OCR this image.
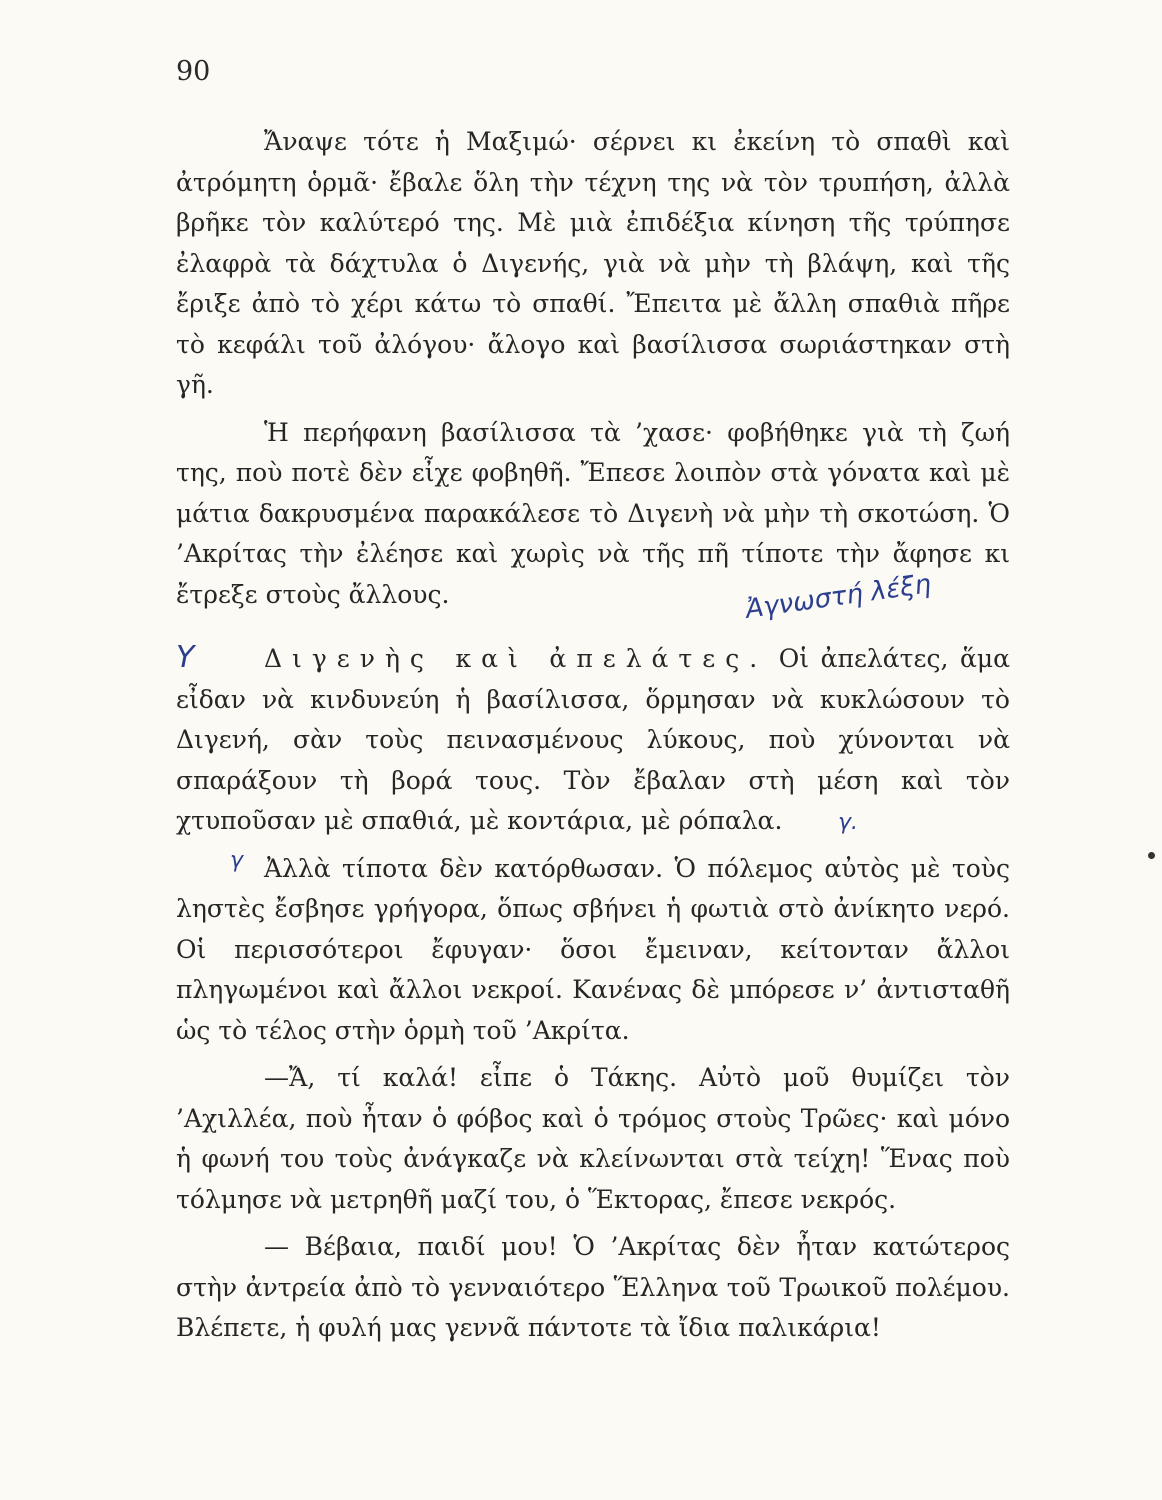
90

Ἄναψε τότε ἡ Μαξιμώ· σέρνει κι ἐκείνη τὸ σπαθὶ καὶ ἀτρόμητη ὁρμᾶ· ἔβαλε ὅλη τὴν τέχνη της νὰ τὸν τρυπήση, ἀλλὰ βρῆκε τὸν καλύτερό της. Μὲ μιὰ ἐπιδέξια κίνηση τῆς τρύπησε ἐλαφρὰ τὰ δάχτυλα ὁ Διγενής, γιὰ νὰ μὴν τὴ βλάψη, καὶ τῆς ἔριξε ἀπὸ τὸ χέρι κάτω τὸ σπαθί. Ἔπειτα μὲ ἄλλη σπαθιὰ πῆρε τὸ κεφάλι τοῦ ἀλόγου· ἄλογο καὶ βασίλισσα σωριάστηκαν στὴ γῆ.

Ἡ περήφανη βασίλισσα τὰ ’χασε· φοβήθηκε γιὰ τὴ ζωή της, ποὺ ποτὲ δὲν εἶχε φοβηθῆ. Ἔπεσε λοιπὸν στὰ γόνατα καὶ μὲ μάτια δακρυσμένα παρακάλεσε τὸ Διγενὴ νὰ μὴν τὴ σκοτώση. Ὁ ’Ακρίτας τὴν ἐλέησε καὶ χωρὶς νὰ τῆς πῆ τίποτε τὴν ἄφησε κι ἔτρεξε στοὺς ἄλλους.

Διγενὴς καὶ ἀπελάτες. Οἱ ἀπελάτες, ἅμα εἶδαν νὰ κινδυνεύη ἡ βασίλισσα, ὅρμησαν νὰ κυκλώσουν τὸ Διγενή, σὰν τοὺς πεινασμένους λύκους, ποὺ χύνονται νὰ σπαράξουν τὴ βορά τους. Τὸν ἔβαλαν στὴ μέση καὶ τὸν χτυποῦσαν μὲ σπαθιά, μὲ κοντάρια, μὲ ρόπαλα.

Ἀλλὰ τίποτα δὲν κατόρθωσαν. Ὁ πόλεμος αὐτὸς μὲ τοὺς ληστὲς ἔσβησε γρήγορα, ὅπως σβήνει ἡ φωτιὰ στὸ ἀνίκητο νερό. Οἱ περισσότεροι ἔφυγαν· ὅσοι ἔμειναν, κείτονταν ἄλλοι πληγωμένοι καὶ ἄλλοι νεκροί. Κανένας δὲ μπόρεσε ν’ ἀντισταθῆ ὡς τὸ τέλος στὴν ὁρμὴ τοῦ ’Ακρίτα.

—Ἄ, τί καλά! εἶπε ὁ Τάκης. Αὐτὸ μοῦ θυμίζει τὸν ’Αχιλλέα, ποὺ ἦταν ὁ φόβος καὶ ὁ τρόμος στοὺς Τρῶες· καὶ μόνο ἡ φωνή του τοὺς ἀνάγκαζε νὰ κλείνωνται στὰ τείχη! Ἕνας ποὺ τόλμησε νὰ μετρηθῆ μαζί του, ὁ Ἕκτορας, ἔπεσε νεκρός.

— Βέβαια, παιδί μου! Ὁ ’Ακρίτας δὲν ἦταν κατώτερος στὴν ἀντρεία ἀπὸ τὸ γενναιότερο Ἕλληνα τοῦ Τρωικοῦ πολέμου. Βλέπετε, ἡ φυλή μας γεννᾶ πάντοτε τὰ ἴδια παλικάρια!

Ἀγνωστή λέξη
Υ
γ.
γ
